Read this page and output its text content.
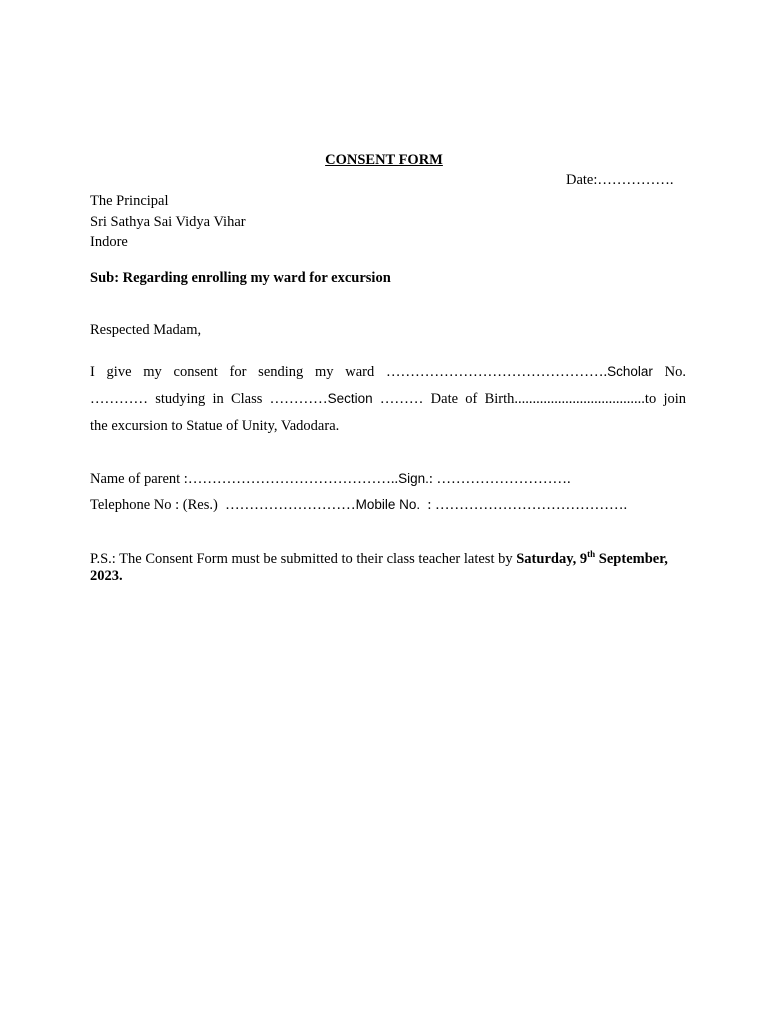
CONSENT FORM
Date:…………….
The Principal
Sri Sathya Sai Vidya Vihar
Indore
Sub: Regarding enrolling my ward for excursion
Respected Madam,
I give my consent for sending my ward ……………………………………….Scholar No.
………… studying in Class …………Section ……… Date of Birth....................................to join
the excursion to Statue of Unity, Vadodara.
Name of parent :……………………………………..Sign.: ……………………….
Telephone No : (Res.) ………………………Mobile No. : ………………………………….
P.S.: The Consent Form must be submitted to their class teacher latest by Saturday, 9th September, 2023.
